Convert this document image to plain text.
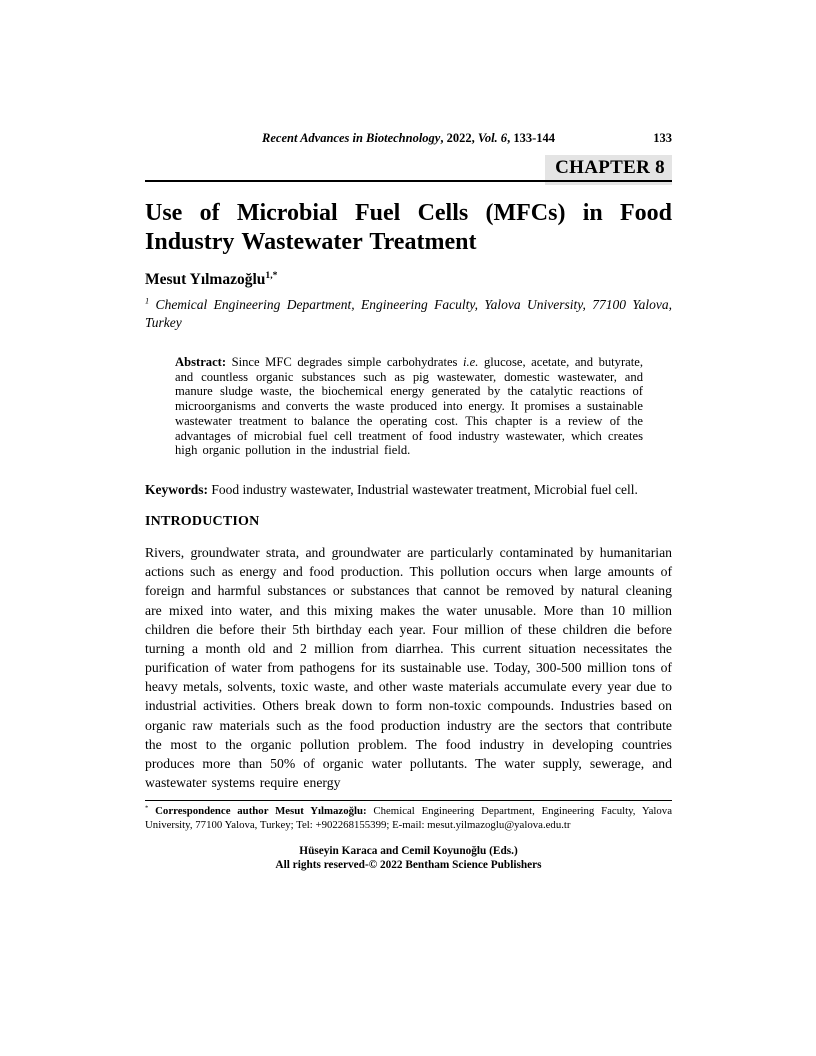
Recent Advances in Biotechnology, 2022, Vol. 6, 133-144	133
CHAPTER 8
Use of Microbial Fuel Cells (MFCs) in Food Industry Wastewater Treatment
Mesut Yılmazoğlu$^{1,*}$
$^1$ Chemical Engineering Department, Engineering Faculty, Yalova University, 77100 Yalova, Turkey

Abstract: Since MFC degrades simple carbohydrates i.e. glucose, acetate, and butyrate, and countless organic substances such as pig wastewater, domestic wastewater, and manure sludge waste, the biochemical energy generated by the catalytic reactions of microorganisms and converts the waste produced into energy. It promises a sustainable wastewater treatment to balance the operating cost. This chapter is a review of the advantages of microbial fuel cell treatment of food industry wastewater, which creates high organic pollution in the industrial field.

Keywords: Food industry wastewater, Industrial wastewater treatment, Microbial fuel cell.

INTRODUCTION

Rivers, groundwater strata, and groundwater are particularly contaminated by humanitarian actions such as energy and food production. This pollution occurs when large amounts of foreign and harmful substances or substances that cannot be removed by natural cleaning are mixed into water, and this mixing makes the water unusable. More than 10 million children die before their 5th birthday each year. Four million of these children die before turning a month old and 2 million from diarrhea. This current situation necessitates the purification of water from pathogens for its sustainable use. Today, 300-500 million tons of heavy metals, solvents, toxic waste, and other waste materials accumulate every year due to industrial activities. Others break down to form non-toxic compounds. Industries based on organic raw materials such as the food production industry are the sectors that contribute the most to the organic pollution problem. The food industry in developing countries produces more than 50% of organic water pollutants. The water supply, sewerage, and wastewater systems require energy

* Correspondence author Mesut Yılmazoğlu: Chemical Engineering Department, Engineering Faculty, Yalova University, 77100 Yalova, Turkey; Tel: +902268155399; E-mail: mesut.yilmazoglu@yalova.edu.tr
Hüseyin Karaca and Cemil Koyunoğlu (Eds.)
All rights reserved-© 2022 Bentham Science Publishers
